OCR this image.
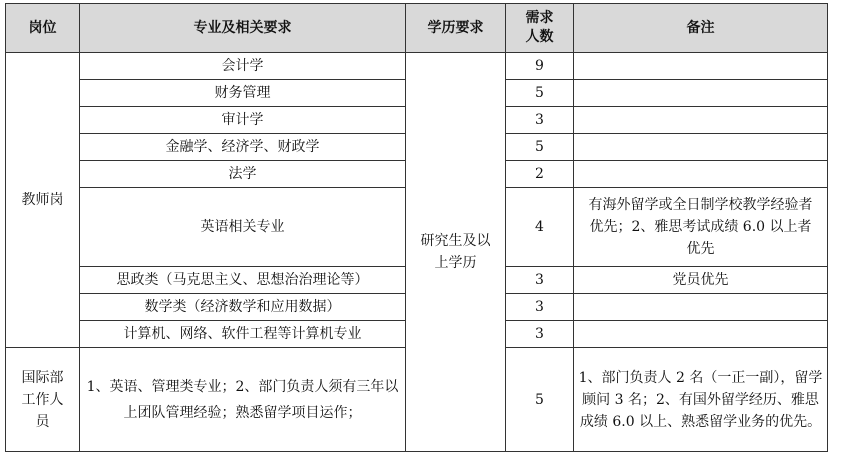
岗位	专业及相关要求	学历要求	需求人数	备注
教师岗	会计学	研究生及以上学历	9	
	财务管理		5	
	审计学		3	
	金融学、经济学、财政学		5	
	法学		2	
	英语相关专业		4	有海外留学或全日制学校教学经验者优先；2、雅思考试成绩 6.0 以上者优先
	思政类（马克思主义、思想治治理论等）		3	党员优先
	数学类（经济数学和应用数据）		3	
	计算机、网络、软件工程等计算机专业		3	
国际部工作人员	1、英语、管理类专业；2、部门负责人须有三年以上团队管理经验；熟悉留学项目运作；		5	1、部门负责人 2 名（一正一副），留学顾问 3 名；2、有国外留学经历、雅思成绩 6.0 以上、熟悉留学业务的优先。
